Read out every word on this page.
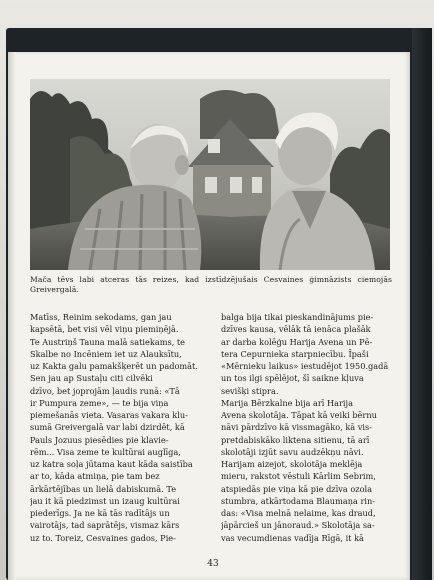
Mača tēvs labi atceras tās reizes, kad izstīdzējušais Cesvaines ģimnāzists ciemojās Greivergalā.
Matīss, Reinim sekodams, gan jau
kapsētā, bet visi vēl viņu piemiņējā.
Te Austriņš Tauna malā satiekams, te
Skalbe no Incēniem iet uz Alauksītu,
uz Kakta galu pamakšķerēt un padomāt.
Sen jau ap Sustaļu citi cilvēki
dzīvo, bet joprojām ļaudis runā: «Tā
ir Pumpura zeme», — te bija viņa
piemešanās vieta. Vasaras vakara klu-
sumā Greivergalā var labi dzirdēt, kā
Pauls Jozuus piesēdies pie klavie-
rēm... Visa zeme te kultūrai auglīga,
uz katra soļa jūtama kaut kāda saistība
ar to, kāda atmiņa, pie tam bez
ārkārtējības un lielā dabiskumā. Te
jau it kā piedzimst un izaug kultūrai
piederīgs. Ja ne kā tās radītājs un
vairotājs, tad saprātējs, vismaz kārs
uz to. Toreiz, Cesvaines gados, Pie-
balga bija tikai pieskandinājums pie-
dzīves kausa, vēlāk tā ienāca plašāk
ar darba kolēģu Harija Avena un Pē-
tera Cepurnieka starpniecību. Īpaši
«Mērnieku laikus» iestudējot 1950.gadā
un tos ilgi spēlējot, šī saikne kļuva
sevišķi stipra.
Marija Bērzkalne bija arī Harija
Avena skolotāja. Tāpat kā veiki bērnu
nāvi pārdzīvo kā vissmagāko, kā vis-
pretdabiskāko liktena sitienu, tā arī
skolotāji izjūt savu audzēkņu nāvi.
Harijam aizejot, skolotāja meklēja
mieru, rakstot vēstuli Kārlim Sebrim,
atspiedās pie viņa kā pie dzīva ozola
stumbra, atkārtodama Blaumaņa rin-
das: «Visa melnā nelaime, kas draud,
jāpārcieš un jānoraud.» Skolotāja sa-
vas vecumdienas vadīja Rīgā, it kā
43
